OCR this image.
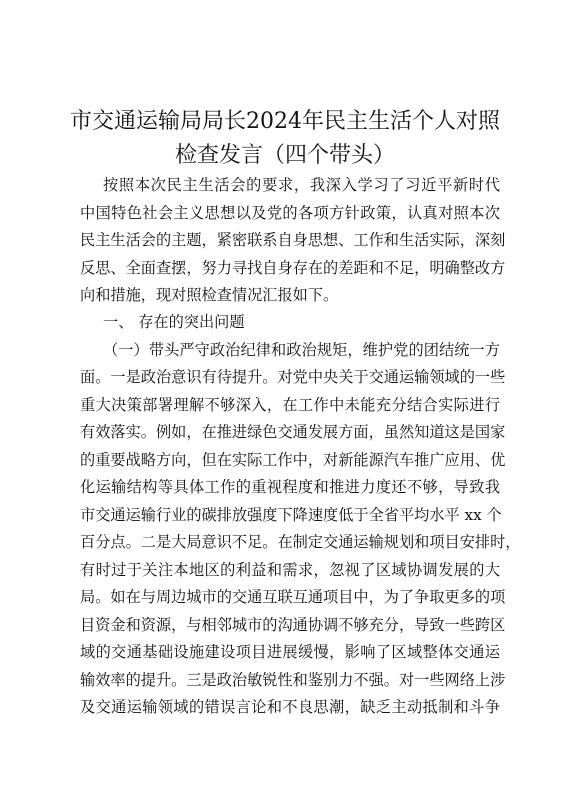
市交通运输局局长2024年民主生活个人对照
检查发言（四个带头）
按照本次民主生活会的要求，我深入学习了习近平新时代
中国特色社会主义思想以及党的各项方针政策，认真对照本次
民主生活会的主题，紧密联系自身思想、工作和生活实际，深刻
反思、全面查摆，努力寻找自身存在的差距和不足，明确整改方
向和措施，现对照检查情况汇报如下。
一、 存在的突出问题
（一）带头严守政治纪律和政治规矩，维护党的团结统一方
面。一是政治意识有待提升。对党中央关于交通运输领域的一些
重大决策部署理解不够深入，在工作中未能充分结合实际进行
有效落实。例如，在推进绿色交通发展方面，虽然知道这是国家
的重要战略方向，但在实际工作中，对新能源汽车推广应用、优
化运输结构等具体工作的重视程度和推进力度还不够，导致我
市交通运输行业的碳排放强度下降速度低于全省平均水平 xx 个
百分点。二是大局意识不足。在制定交通运输规划和项目安排时，
有时过于关注本地区的利益和需求，忽视了区域协调发展的大
局。如在与周边城市的交通互联互通项目中，为了争取更多的项
目资金和资源，与相邻城市的沟通协调不够充分，导致一些跨区
域的交通基础设施建设项目进展缓慢，影响了区域整体交通运
输效率的提升。三是政治敏锐性和鉴别力不强。对一些网络上涉
及交通运输领域的错误言论和不良思潮，缺乏主动抵制和斗争
